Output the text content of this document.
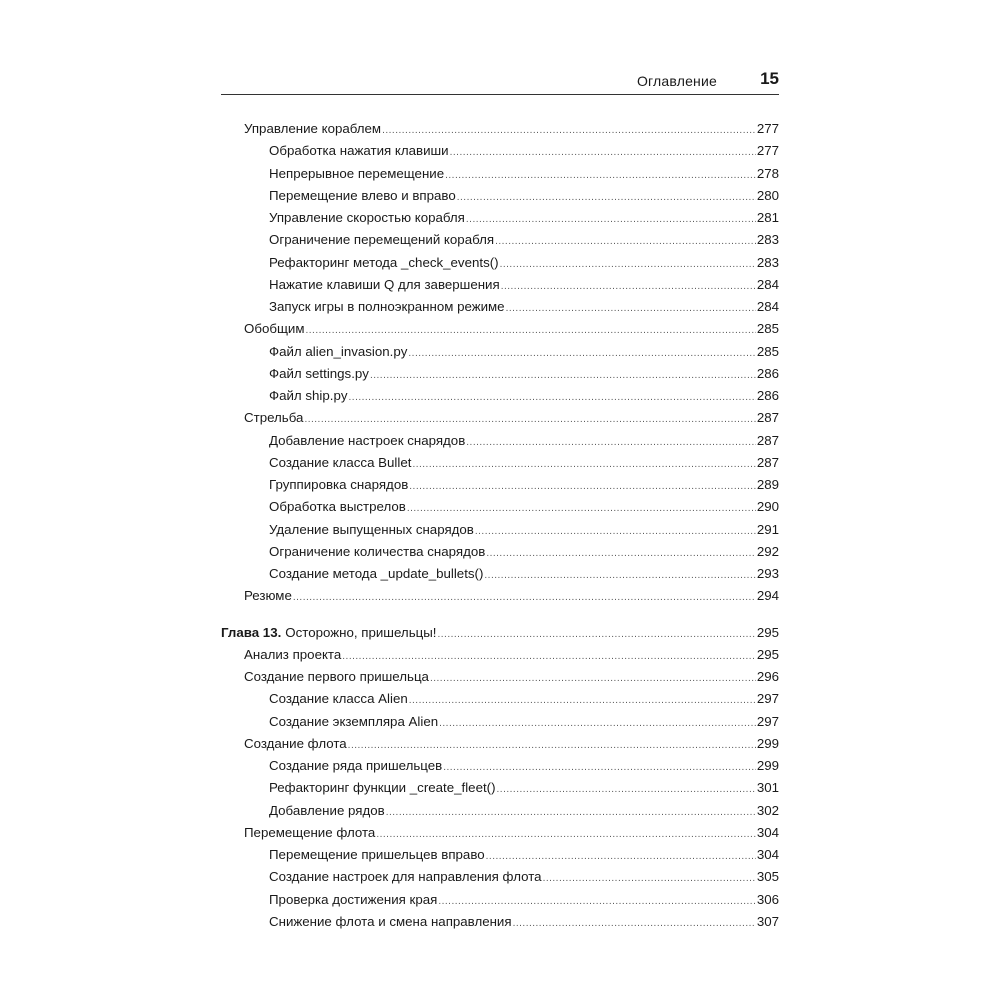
Оглавление	15
Управление кораблем .....	277
Обработка нажатия клавиши .....	277
Непрерывное перемещение .....	278
Перемещение влево и вправо .....	280
Управление скоростью корабля .....	281
Ограничение перемещений корабля .....	283
Рефакторинг метода _check_events() .....	283
Нажатие клавиши Q для завершения .....	284
Запуск игры в полноэкранном режиме .....	284
Обобщим .....	285
Файл alien_invasion.py .....	285
Файл settings.py .....	286
Файл ship.py .....	286
Стрельба .....	287
Добавление настроек снарядов .....	287
Создание класса Bullet .....	287
Группировка снарядов .....	289
Обработка выстрелов .....	290
Удаление выпущенных снарядов .....	291
Ограничение количества снарядов .....	292
Создание метода _update_bullets() .....	293
Резюме .....	294
Глава 13. Осторожно, пришельцы! .....	295
Анализ проекта .....	295
Создание первого пришельца .....	296
Создание класса Alien .....	297
Создание экземпляра Alien .....	297
Создание флота .....	299
Создание ряда пришельцев .....	299
Рефакторинг функции _create_fleet() .....	301
Добавление рядов .....	302
Перемещение флота .....	304
Перемещение пришельцев вправо .....	304
Создание настроек для направления флота .....	305
Проверка достижения края .....	306
Снижение флота и смена направления .....	307
